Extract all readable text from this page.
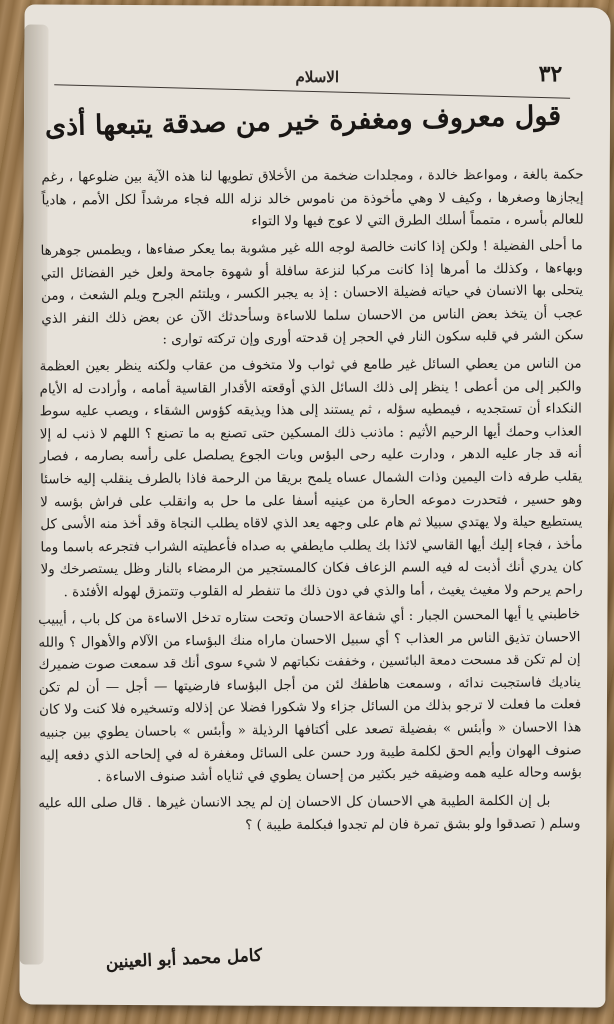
الاسلام	٣٢
قول معروف ومغفرة خير من صدقة يتبعها أذى

حكمة بالغة ، ومواعظ خالدة ، ومجلدات ضخمة من الأخلاق تطويها لنا هذه الآية بين ضلوعها ، رغم إيجازها وصغرها ، وكيف لا وهي مأخوذة من ناموس خالد نزله الله فجاء مرشداً لكل الأمم ، هادياً للعالم بأسره ، متمماً أسلك الطرق التي لا عوج فيها ولا التواء

ما أحلى الفضيلة ! ولكن إذا كانت خالصة لوجه الله غير مشوبة بما يعكر صفاءها ، ويطمس جوهرها وبهاءها ، وكذلك ما أمرها إذا كانت مركبا لنزعة سافلة أو شهوة جامحة ولعل خير الفضائل التي يتحلى بها الانسان في حياته فضيلة الاحسان : إذ به يجبر الكسر ، ويلتئم الجرح ويلم الشعث ، ومن عجب أن يتخذ بعض الناس من الاحسان سلما للاساءة وسأحدثك الآن عن بعض ذلك النفر الذي سكن الشر في قلبه سكون النار في الحجر إن قدحته أورى وإن تركته توارى :

من الناس من يعطي السائل غير طامع في ثواب ولا متخوف من عقاب ولكنه ينظر بعين العظمة والكبر إلى من أعطى ! ينظر إلى ذلك السائل الذي أوقعته الأقدار القاسية أمامه ، وأرادت له الأيام النكداء أن تستجديه ، فيمطيه سؤله ، ثم يستند إلى هذا ويذيقه كؤوس الشقاء ، ويصب عليه سوط العذاب وحمك أيها الرحيم الأثيم : ماذنب ذلك المسكين حتى تصنع به ما تصنع ؟ اللهم لا ذنب له إلا أنه قد جار عليه الدهر ، ودارت عليه رحى البؤس وبات الجوع يصلصل على رأسه بصارمه ، فصار يقلب طرفه ذات اليمين وذات الشمال عساه يلمح بريقا من الرحمة فاذا بالطرف ينقلب إليه خاسئا وهو حسير ، فتحدرت دموعه الحارة من عينيه أسفا على ما حل به وانقلب على فراش بؤسه لا يستطيع حيلة ولا يهتدي سبيلا ثم هام على وجهه يعد الذي لاقاه يطلب النجاة وقد أخذ منه الأسى كل مأخذ ، فجاء إليك أيها القاسي لائذا بك يطلب مايطفي به صداه فأعطيته الشراب فتجرعه باسما وما كان يدري أنك أذبت له فيه السم الزعاف فكان كالمستجير من الرمضاء بالنار وظل يستصرخك ولا راحم يرحم ولا مغيث يغيث ، أما والذي في دون ذلك ما تنفطر له القلوب وتتمزق لهوله الأفئدة .

خاطبني يا أيها المحسن الجبار : أي شفاعة الاحسان وتحت ستاره تدخل الاساءة من كل باب ، أيبيب الاحسان تذيق الناس مر العذاب ؟ أي سبيل الاحسان ماراه منك البؤساء من الآلام والأهوال ؟ والله إن لم تكن قد مسحت دمعة البائسين ، وخففت نكباتهم لا شيء سوى أنك قد سمعت صوت ضميرك يناديك فاستجبت ندائه ، وسمعت هاطفك لئن من أجل البؤساء فارضيتها — أجل — أن لم تكن فعلت ما فعلت لا ترجو بذلك من السائل جزاء ولا شكورا فضلا عن إذلاله وتسخيره فلا كنت ولا كان هذا الاحسان « وأبئس » بفضيلة تصعد على أكتافها الرذيلة « وأبئس » باحسان يطوي بين جنبيه صنوف الهوان وأيم الحق لكلمة طيبة ورد حسن على السائل ومغفرة له في إلحاحه الذي دفعه إليه بؤسه وحاله عليه همه وضيقه خير بكثير من إحسان يطوي في ثناياه أشد صنوف الاساءة .

بل إن الكلمة الطيبة هي الاحسان كل الاحسان إن لم يجد الانسان غيرها . قال صلى الله عليه وسلم ( تصدقوا ولو بشق تمرة فان لم تجدوا فبكلمة طيبة ) ؟

كامل محمد أبو العينين
